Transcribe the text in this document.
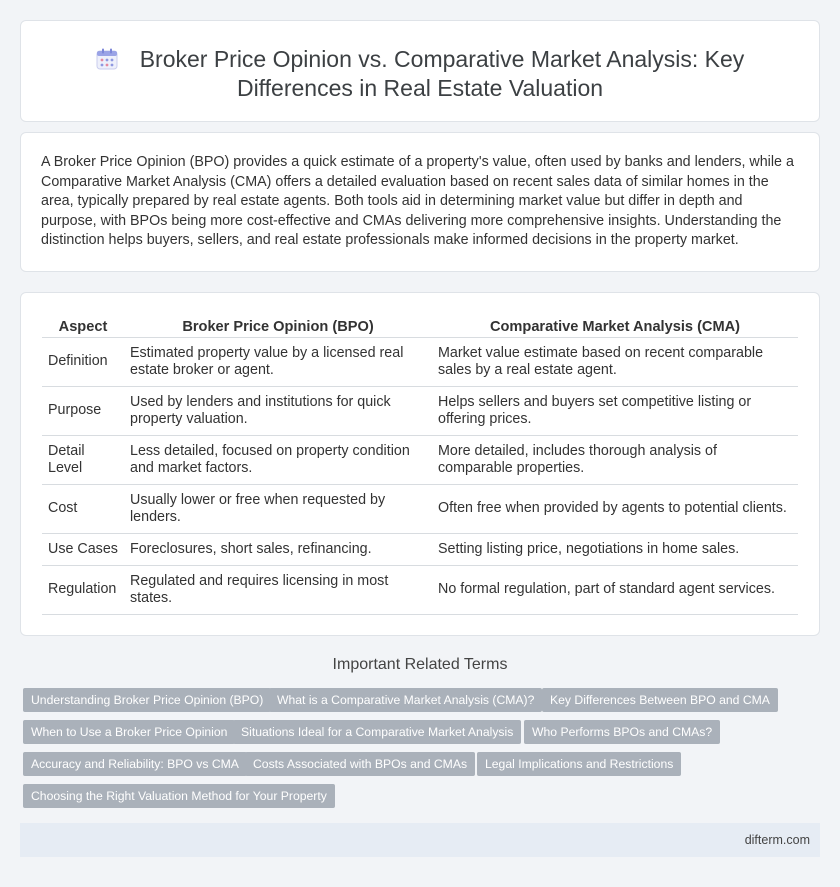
Broker Price Opinion vs. Comparative Market Analysis: Key Differences in Real Estate Valuation

A Broker Price Opinion (BPO) provides a quick estimate of a property's value, often used by banks and lenders, while a Comparative Market Analysis (CMA) offers a detailed evaluation based on recent sales data of similar homes in the area, typically prepared by real estate agents. Both tools aid in determining market value but differ in depth and purpose, with BPOs being more cost-effective and CMAs delivering more comprehensive insights. Understanding the distinction helps buyers, sellers, and real estate professionals make informed decisions in the property market.

Aspect	Broker Price Opinion (BPO)	Comparative Market Analysis (CMA)
Definition	Estimated property value by a licensed real estate broker or agent.	Market value estimate based on recent comparable sales by a real estate agent.
Purpose	Used by lenders and institutions for quick property valuation.	Helps sellers and buyers set competitive listing or offering prices.
Detail Level	Less detailed, focused on property condition and market factors.	More detailed, includes thorough analysis of comparable properties.
Cost	Usually lower or free when requested by lenders.	Often free when provided by agents to potential clients.
Use Cases	Foreclosures, short sales, refinancing.	Setting listing price, negotiations in home sales.
Regulation	Regulated and requires licensing in most states.	No formal regulation, part of standard agent services.
Important Related Terms
Understanding Broker Price Opinion (BPO)	What is a Comparative Market Analysis (CMA)?	Key Differences Between BPO and CMA
When to Use a Broker Price Opinion	Situations Ideal for a Comparative Market Analysis	Who Performs BPOs and CMAs?
Accuracy and Reliability: BPO vs CMA	Costs Associated with BPOs and CMAs	Legal Implications and Restrictions
Choosing the Right Valuation Method for Your Property
difterm.com
